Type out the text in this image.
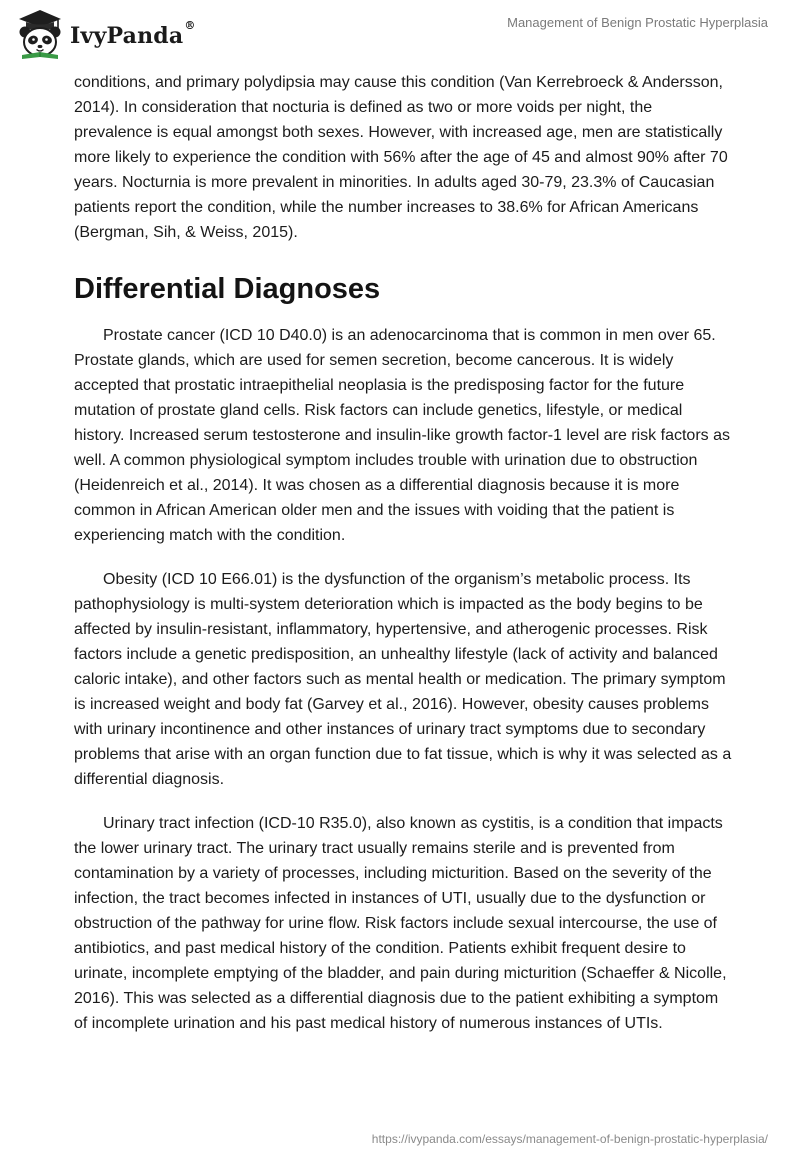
IvyPanda®	Management of Benign Prostatic Hyperplasia

conditions, and primary polydipsia may cause this condition (Van Kerrebroeck & Andersson, 2014). In consideration that nocturia is defined as two or more voids per night, the prevalence is equal amongst both sexes. However, with increased age, men are statistically more likely to experience the condition with 56% after the age of 45 and almost 90% after 70 years. Nocturnia is more prevalent in minorities. In adults aged 30-79, 23.3% of Caucasian patients report the condition, while the number increases to 38.6% for African Americans (Bergman, Sih, & Weiss, 2015).

Differential Diagnoses

Prostate cancer (ICD 10 D40.0) is an adenocarcinoma that is common in men over 65. Prostate glands, which are used for semen secretion, become cancerous. It is widely accepted that prostatic intraepithelial neoplasia is the predisposing factor for the future mutation of prostate gland cells. Risk factors can include genetics, lifestyle, or medical history. Increased serum testosterone and insulin-like growth factor-1 level are risk factors as well. A common physiological symptom includes trouble with urination due to obstruction (Heidenreich et al., 2014). It was chosen as a differential diagnosis because it is more common in African American older men and the issues with voiding that the patient is experiencing match with the condition.

Obesity (ICD 10 E66.01) is the dysfunction of the organism’s metabolic process. Its pathophysiology is multi-system deterioration which is impacted as the body begins to be affected by insulin-resistant, inflammatory, hypertensive, and atherogenic processes. Risk factors include a genetic predisposition, an unhealthy lifestyle (lack of activity and balanced caloric intake), and other factors such as mental health or medication. The primary symptom is increased weight and body fat (Garvey et al., 2016). However, obesity causes problems with urinary incontinence and other instances of urinary tract symptoms due to secondary problems that arise with an organ function due to fat tissue, which is why it was selected as a differential diagnosis.

Urinary tract infection (ICD-10 R35.0), also known as cystitis, is a condition that impacts the lower urinary tract. The urinary tract usually remains sterile and is prevented from contamination by a variety of processes, including micturition. Based on the severity of the infection, the tract becomes infected in instances of UTI, usually due to the dysfunction or obstruction of the pathway for urine flow. Risk factors include sexual intercourse, the use of antibiotics, and past medical history of the condition. Patients exhibit frequent desire to urinate, incomplete emptying of the bladder, and pain during micturition (Schaeffer & Nicolle, 2016). This was selected as a differential diagnosis due to the patient exhibiting a symptom of incomplete urination and his past medical history of numerous instances of UTIs.

https://ivypanda.com/essays/management-of-benign-prostatic-hyperplasia/
